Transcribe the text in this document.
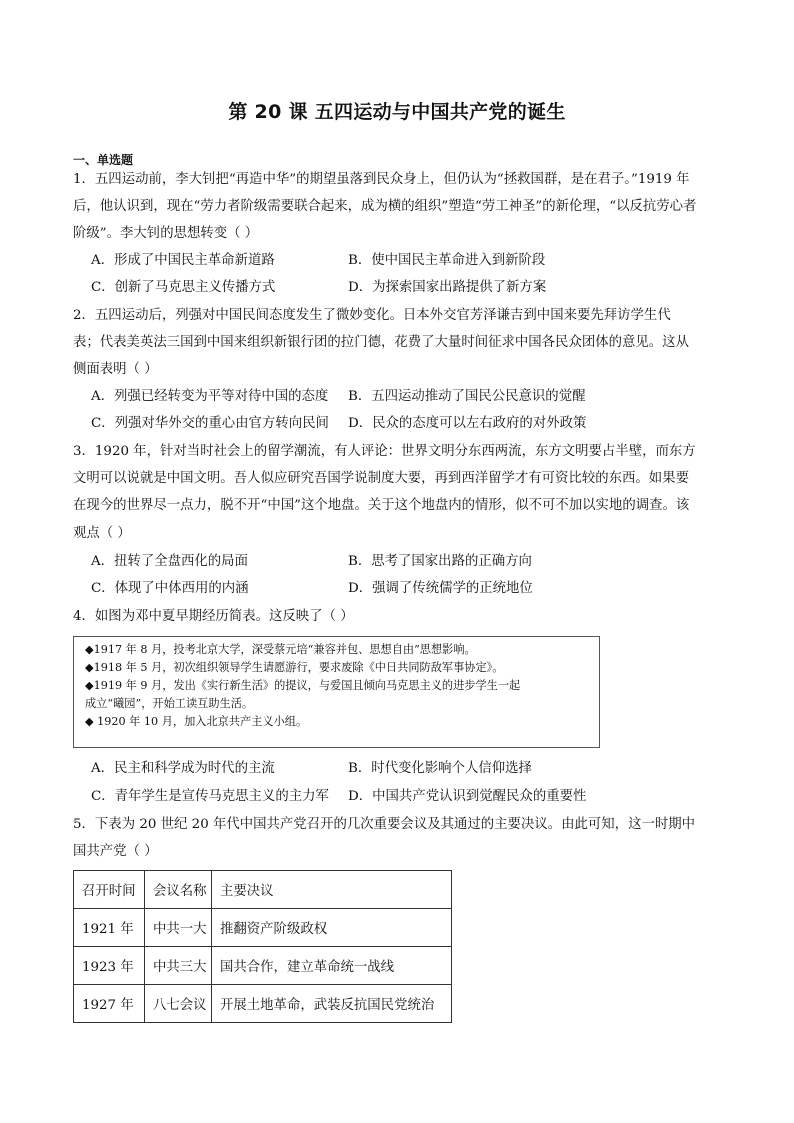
第 20 课 五四运动与中国共产党的诞生
一、单选题
1．五四运动前，李大钊把“再造中华”的期望虽落到民众身上，但仍认为“拯救国群，是在君子。”1919 年
后，他认识到，现在“劳力者阶级需要联合起来，成为横的组织”塑造“劳工神圣”的新伦理，“以反抗劳心者
阶级”。李大钊的思想转变（ ）
A．形成了中国民主革命新道路	B．使中国民主革命进入到新阶段
C．创新了马克思主义传播方式	D．为探索国家出路提供了新方案
2．五四运动后，列强对中国民间态度发生了微妙变化。日本外交官芳泽谦吉到中国来要先拜访学生代
表；代表美英法三国到中国来组织新银行团的拉门德，花费了大量时间征求中国各民众团体的意见。这从
侧面表明（ ）
A．列强已经转变为平等对待中国的态度 B．五四运动推动了国民公民意识的觉醒
C．列强对华外交的重心由官方转向民间 D．民众的态度可以左右政府的对外政策
3．1920 年，针对当时社会上的留学潮流，有人评论：世界文明分东西两流，东方文明要占半壁，而东方
文明可以说就是中国文明。吾人似应研究吾国学说制度大要，再到西洋留学才有可资比较的东西。如果要
在现今的世界尽一点力，脱不开“中国”这个地盘。关于这个地盘内的情形，似不可不加以实地的调查。该
观点（ ）
A．扭转了全盘西化的局面	B．思考了国家出路的正确方向
C．体现了中体西用的内涵	D．强调了传统儒学的正统地位
4．如图为邓中夏早期经历简表。这反映了（ ）
◆1917 年 8 月，投考北京大学，深受蔡元培“兼容并包、思想自由”思想影响。
◆1918 年 5 月，初次组织领导学生请愿游行，要求废除《中日共同防敌军事协定》。
◆1919 年 9 月，发出《实行新生活》的提议，与爱国且倾向马克思主义的进步学生一起
成立“曦园”，开始工读互助生活。
◆ 1920 年 10 月，加入北京共产主义小组。
A．民主和科学成为时代的主流	B．时代变化影响个人信仰选择
C．青年学生是宣传马克思主义的主力军 D．中国共产党认识到觉醒民众的重要性
5．下表为 20 世纪 20 年代中国共产党召开的几次重要会议及其通过的主要决议。由此可知，这一时期中
国共产党（ ）
召开时间	会议名称	主要决议
1921 年	中共一大	推翻资产阶级政权
1923 年	中共三大	国共合作，建立革命统一战线
1927 年	八七会议	开展土地革命，武装反抗国民党统治
